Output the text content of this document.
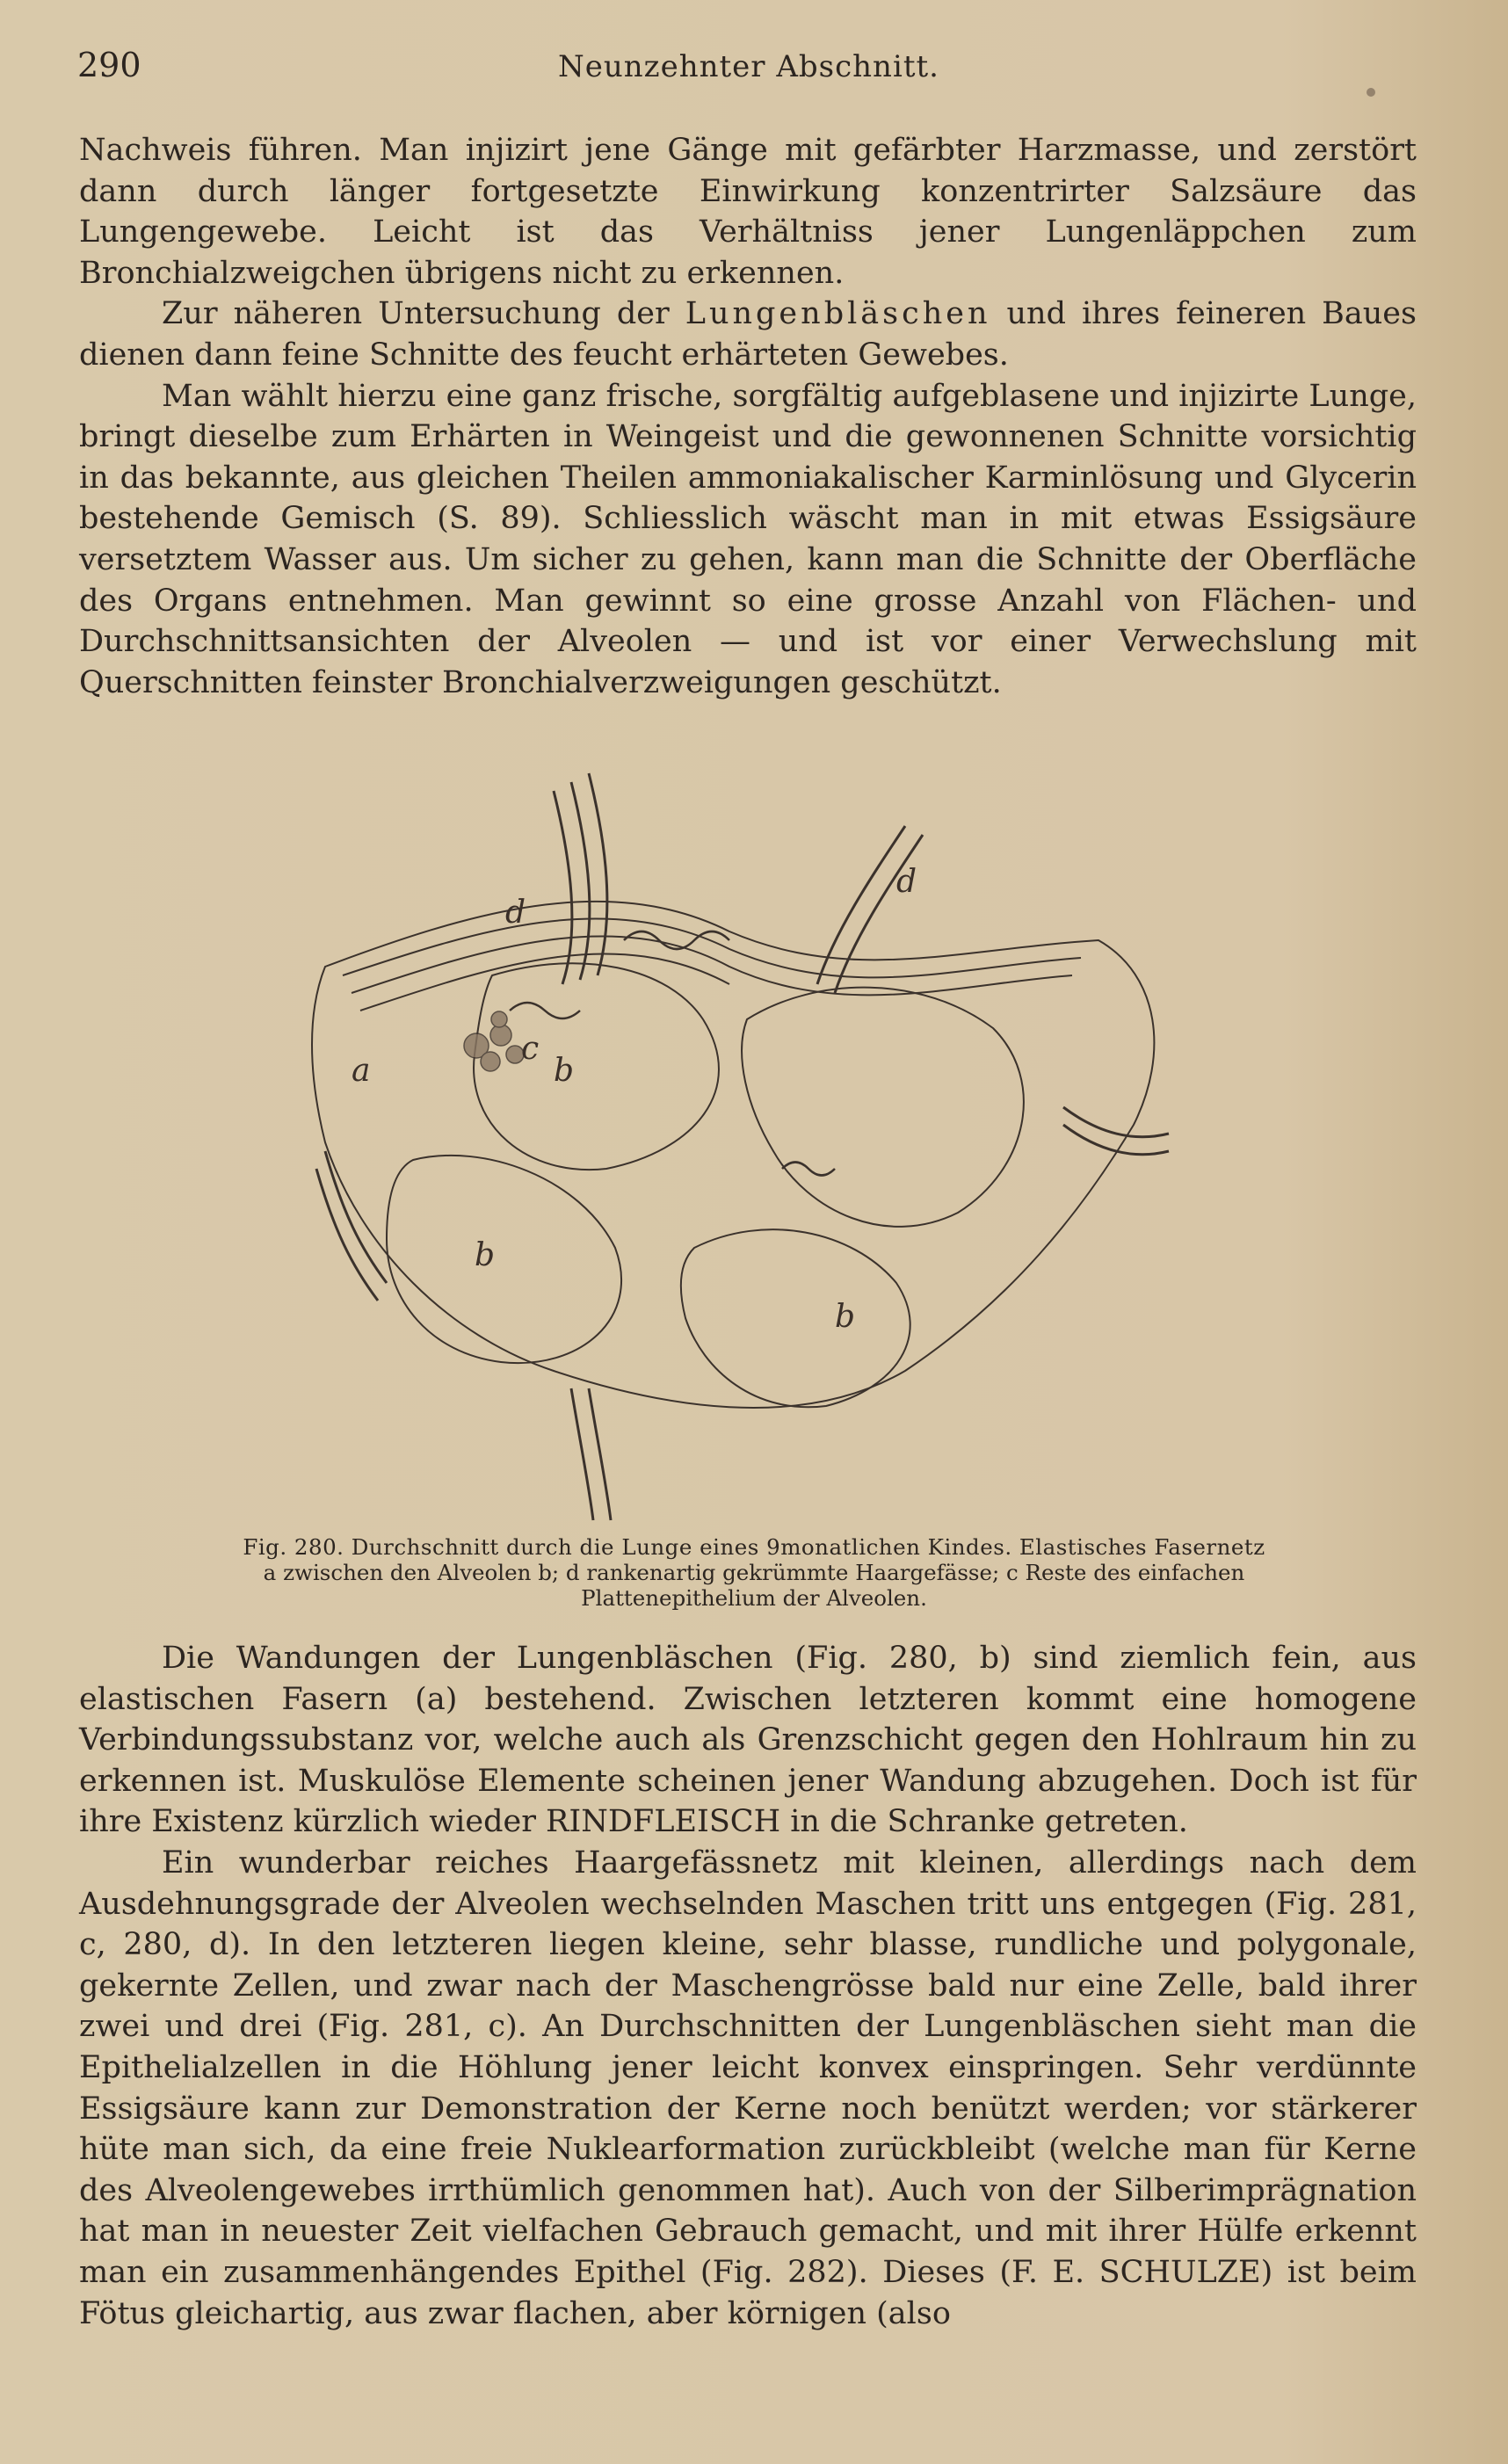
290	Neunzehnter Abschnitt.

Nachweis führen. Man injizirt jene Gänge mit gefärbter Harzmasse, und zerstört dann durch länger fortgesetzte Einwirkung konzentrirter Salzsäure das Lungengewebe. Leicht ist das Verhältniss jener Lungenläppchen zum Bronchialzweigchen übrigens nicht zu erkennen.

Zur näheren Untersuchung der Lungenbläschen und ihres feineren Baues dienen dann feine Schnitte des feucht erhärteten Gewebes.

Man wählt hierzu eine ganz frische, sorgfältig aufgeblasene und injizirte Lunge, bringt dieselbe zum Erhärten in Weingeist und die gewonnenen Schnitte vorsichtig in das bekannte, aus gleichen Theilen ammoniakalischer Karminlösung und Glycerin bestehende Gemisch (S. 89). Schliesslich wäscht man in mit etwas Essigsäure versetztem Wasser aus. Um sicher zu gehen, kann man die Schnitte der Oberfläche des Organs entnehmen. Man gewinnt so eine grosse Anzahl von Flächen- und Durchschnittsansichten der Alveolen — und ist vor einer Verwechslung mit Querschnitten feinster Bronchialverzweigungen geschützt.

a	b
b
b
c
d
d
Fig. 280. Durchschnitt durch die Lunge eines 9monatlichen Kindes. Elastisches Fasernetz
a zwischen den Alveolen b; d rankenartig gekrümmte Haargefässe; c Reste des einfachen
Plattenepithelium der Alveolen.

Die Wandungen der Lungenbläschen (Fig. 280, b) sind ziemlich fein, aus elastischen Fasern (a) bestehend. Zwischen letzteren kommt eine homogene Verbindungssubstanz vor, welche auch als Grenzschicht gegen den Hohlraum hin zu erkennen ist. Muskulöse Elemente scheinen jener Wandung abzugehen. Doch ist für ihre Existenz kürzlich wieder RINDFLEISCH in die Schranke getreten.

Ein wunderbar reiches Haargefässnetz mit kleinen, allerdings nach dem Ausdehnungsgrade der Alveolen wechselnden Maschen tritt uns entgegen (Fig. 281, c, 280, d). In den letzteren liegen kleine, sehr blasse, rundliche und polygonale, gekernte Zellen, und zwar nach der Maschengrösse bald nur eine Zelle, bald ihrer zwei und drei (Fig. 281, c). An Durchschnitten der Lungenbläschen sieht man die Epithelialzellen in die Höhlung jener leicht konvex einspringen. Sehr verdünnte Essigsäure kann zur Demonstration der Kerne noch benützt werden; vor stärkerer hüte man sich, da eine freie Nuklearformation zurückbleibt (welche man für Kerne des Alveolengewebes irrthümlich genommen hat). Auch von der Silberimprägnation hat man in neuester Zeit vielfachen Gebrauch gemacht, und mit ihrer Hülfe erkennt man ein zusammenhängendes Epithel (Fig. 282). Dieses (F. E. SCHULZE) ist beim Fötus gleichartig, aus zwar flachen, aber körnigen (also
